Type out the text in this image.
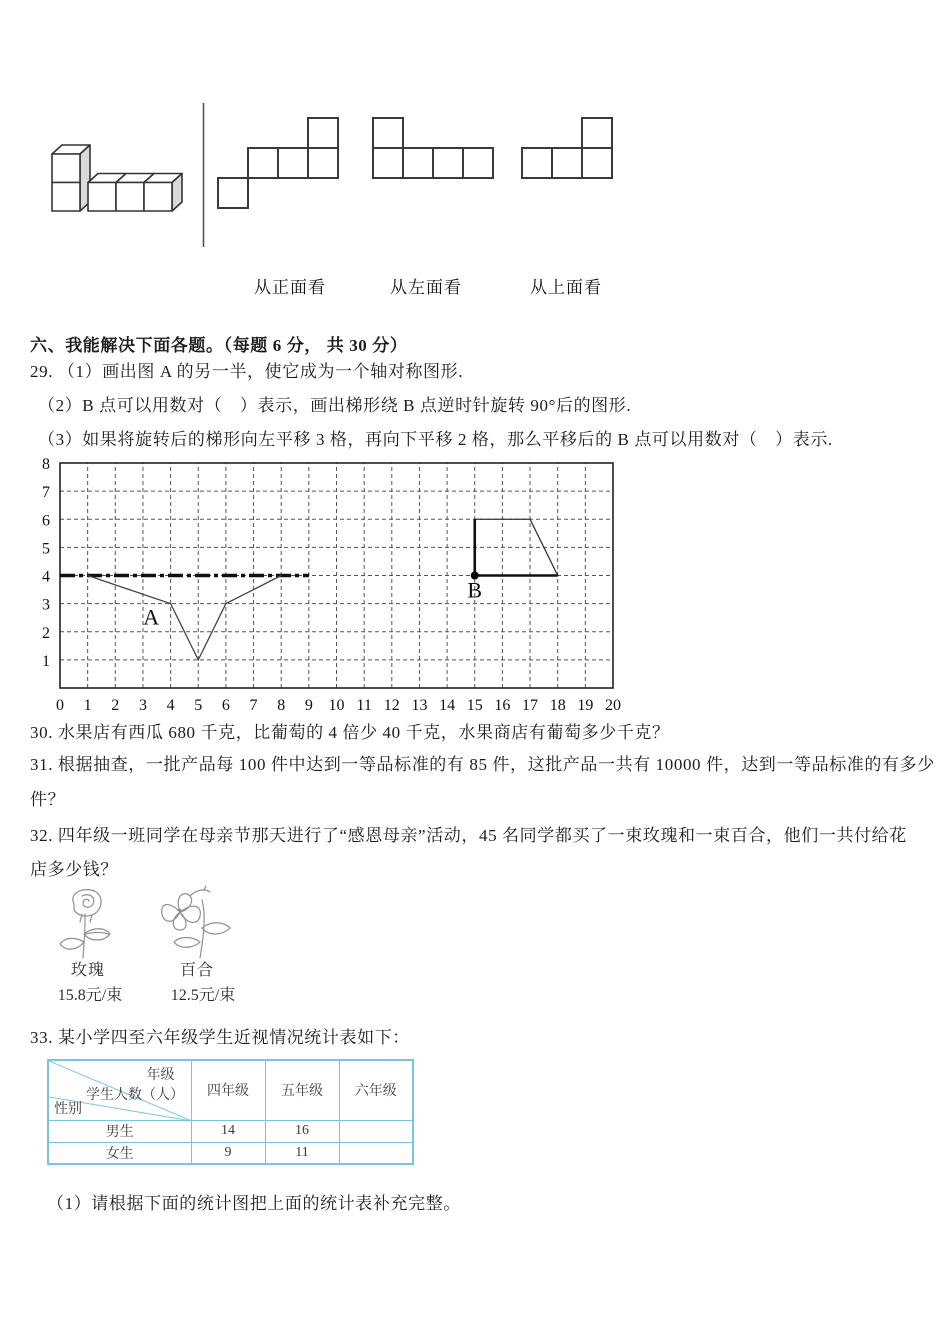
从正面看	从左面看	从上面看
六、我能解决下面各题。（每题 6 分， 共 30 分）
29. （1）画出图 A 的另一半，使它成为一个轴对称图形.
（2）B 点可以用数对（　）表示，画出梯形绕 B 点逆时针旋转 90°后的图形.
（3）如果将旋转后的梯形向左平移 3 格，再向下平移 2 格，那么平移后的 B 点可以用数对（　）表示.
0 1 2 3 4 5 6 7 8 9 10 11 12 13 14 15 16 17 18 19 20
1
2
3
4
5
6
7
8
A
B
30. 水果店有西瓜 680 千克，比葡萄的 4 倍少 40 千克，水果商店有葡萄多少千克？
31. 根据抽查，一批产品每 100 件中达到一等品标准的有 85 件，这批产品一共有 10000 件，达到一等品标准的有多少
件？
32. 四年级一班同学在母亲节那天进行了“感恩母亲”活动，45 名同学都买了一束玫瑰和一束百合，他们一共付给花
店多少钱？
玫瑰
15.8元/束
百合
12.5元/束
33. 某小学四至六年级学生近视情况统计表如下：
年级
学生人数（人）
性别	四年级	五年级	六年级
男生	14	16	
女生	9	11	
（1）请根据下面的统计图把上面的统计表补充完整。
